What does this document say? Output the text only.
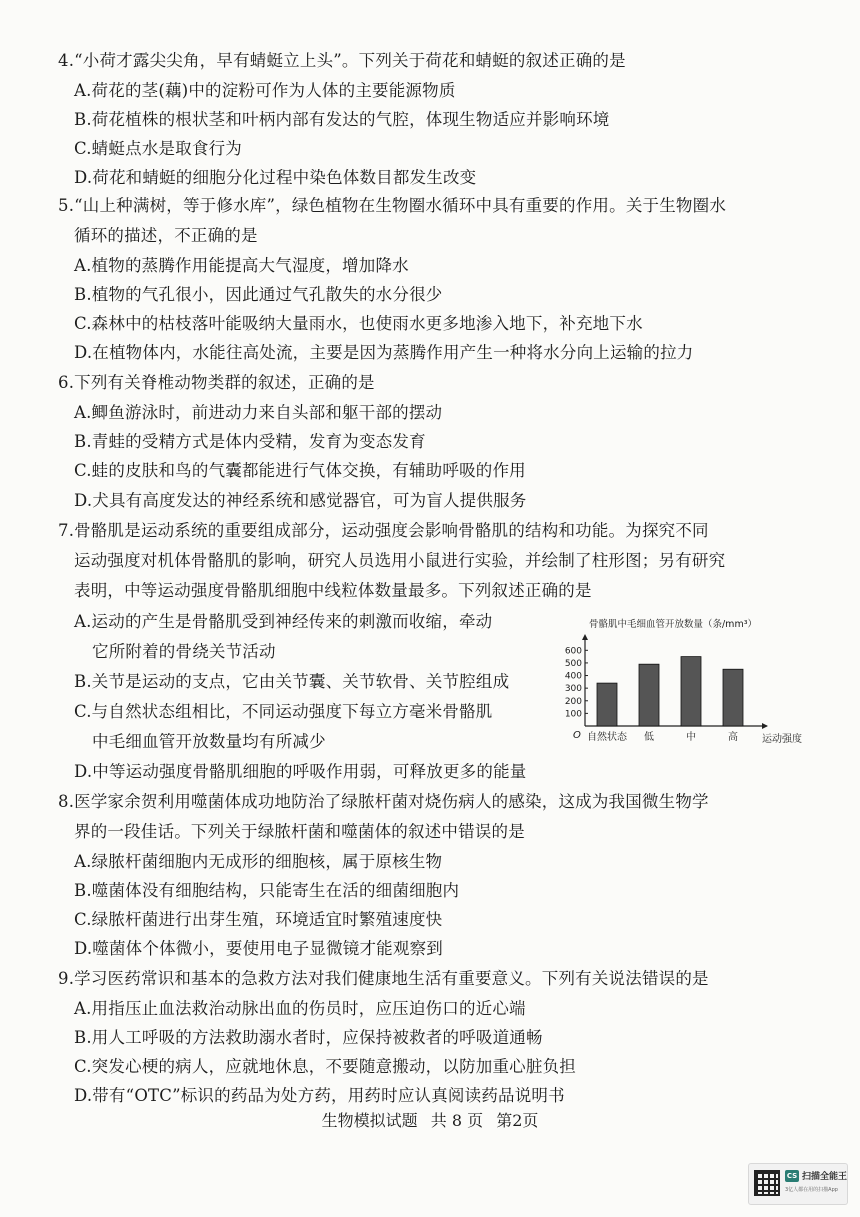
4.“小荷才露尖尖角，早有蜻蜓立上头”。下列关于荷花和蜻蜓的叙述正确的是
A.荷花的茎(藕)中的淀粉可作为人体的主要能源物质
B.荷花植株的根状茎和叶柄内部有发达的气腔，体现生物适应并影响环境
C.蜻蜓点水是取食行为
D.荷花和蜻蜓的细胞分化过程中染色体数目都发生改变
5.“山上种满树，等于修水库”，绿色植物在生物圈水循环中具有重要的作用。关于生物圈水
循环的描述，不正确的是
A.植物的蒸腾作用能提高大气湿度，增加降水
B.植物的气孔很小，因此通过气孔散失的水分很少
C.森林中的枯枝落叶能吸纳大量雨水，也使雨水更多地渗入地下，补充地下水
D.在植物体内，水能往高处流，主要是因为蒸腾作用产生一种将水分向上运输的拉力
6.下列有关脊椎动物类群的叙述，正确的是
A.鲫鱼游泳时，前进动力来自头部和躯干部的摆动
B.青蛙的受精方式是体内受精，发育为变态发育
C.蛙的皮肤和鸟的气囊都能进行气体交换，有辅助呼吸的作用
D.犬具有高度发达的神经系统和感觉器官，可为盲人提供服务
7.骨骼肌是运动系统的重要组成部分，运动强度会影响骨骼肌的结构和功能。为探究不同
运动强度对机体骨骼肌的影响，研究人员选用小鼠进行实验，并绘制了柱形图；另有研究
表明，中等运动强度骨骼肌细胞中线粒体数量最多。下列叙述正确的是
A.运动的产生是骨骼肌受到神经传来的刺激而收缩，牵动
它所附着的骨绕关节活动
B.关节是运动的支点，它由关节囊、关节软骨、关节腔组成
C.与自然状态组相比，不同运动强度下每立方毫米骨骼肌
中毛细血管开放数量均有所减少
D.中等运动强度骨骼肌细胞的呼吸作用弱，可释放更多的能量
8.医学家余贺利用噬菌体成功地防治了绿脓杆菌对烧伤病人的感染，这成为我国微生物学
界的一段佳话。下列关于绿脓杆菌和噬菌体的叙述中错误的是
A.绿脓杆菌细胞内无成形的细胞核，属于原核生物
B.噬菌体没有细胞结构，只能寄生在活的细菌细胞内
C.绿脓杆菌进行出芽生殖，环境适宜时繁殖速度快
D.噬菌体个体微小，要使用电子显微镜才能观察到
9.学习医药常识和基本的急救方法对我们健康地生活有重要意义。下列有关说法错误的是
A.用指压止血法救治动脉出血的伤员时，应压迫伤口的近心端
B.用人工呼吸的方法救助溺水者时，应保持被救者的呼吸道通畅
C.突发心梗的病人，应就地休息，不要随意搬动，以防加重心脏负担
D.带有“OTC”标识的药品为处方药，用药时应认真阅读药品说明书
骨骼肌中毛细血管开放数量（条/mm³）
100
200
300
400
500
600
自然状态 低	中	高
O	运动强度
生物模拟试题 共 8 页 第2页
CS 扫描全能王
3亿人都在用的扫描App
